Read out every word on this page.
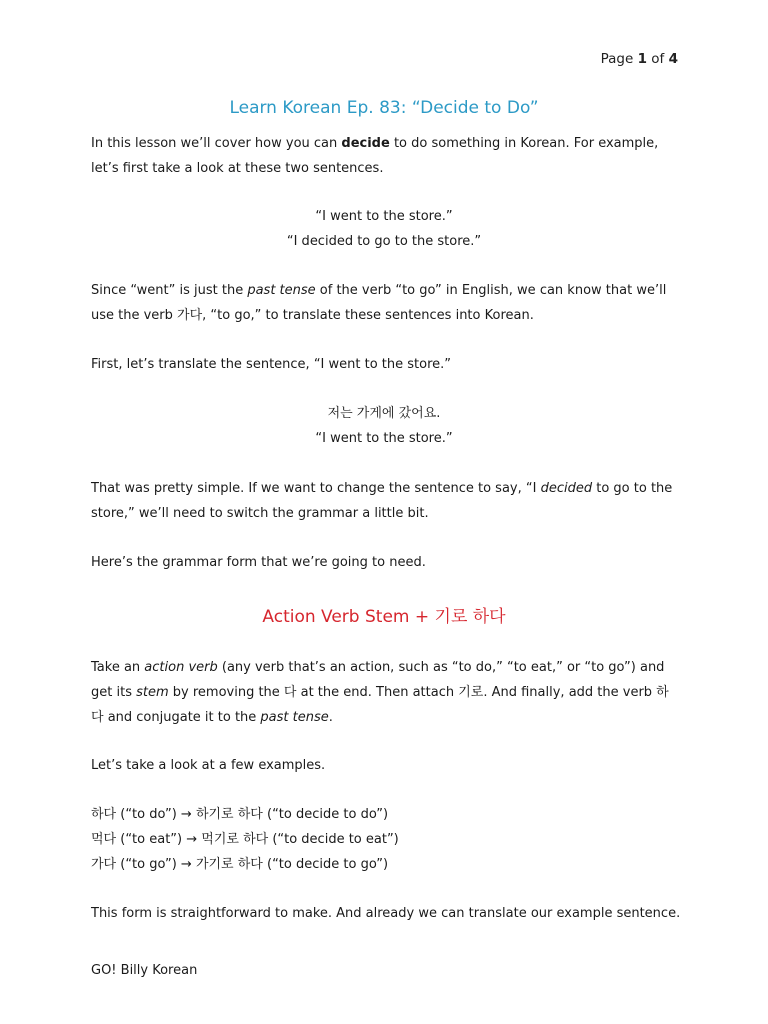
Page 1 of 4
Learn Korean Ep. 83: “Decide to Do”

In this lesson we’ll cover how you can decide to do something in Korean. For example, let’s first take a look at these two sentences.

“I went to the store.”

“I decided to go to the store.”

Since “went” is just the past tense of the verb “to go” in English, we can know that we’ll use the verb 가다, “to go,” to translate these sentences into Korean.

First, let’s translate the sentence, “I went to the store.”

저는 가게에 갔어요.

“I went to the store.”

That was pretty simple. If we want to change the sentence to say, “I decided to go to the store,” we’ll need to switch the grammar a little bit.

Here’s the grammar form that we’re going to need.

Action Verb Stem + 기로 하다

Take an action verb (any verb that’s an action, such as “to do,” “to eat,” or “to go”) and get its stem by removing the 다 at the end. Then attach 기로. And finally, add the verb 하다 and conjugate it to the past tense.

Let’s take a look at a few examples.

하다 (“to do”) → 하기로 하다 (“to decide to do”)
먹다 (“to eat”) → 먹기로 하다 (“to decide to eat”)
가다 (“to go”) → 가기로 하다 (“to decide to go”)

This form is straightforward to make. And already we can translate our example sentence.

GO! Billy Korean
